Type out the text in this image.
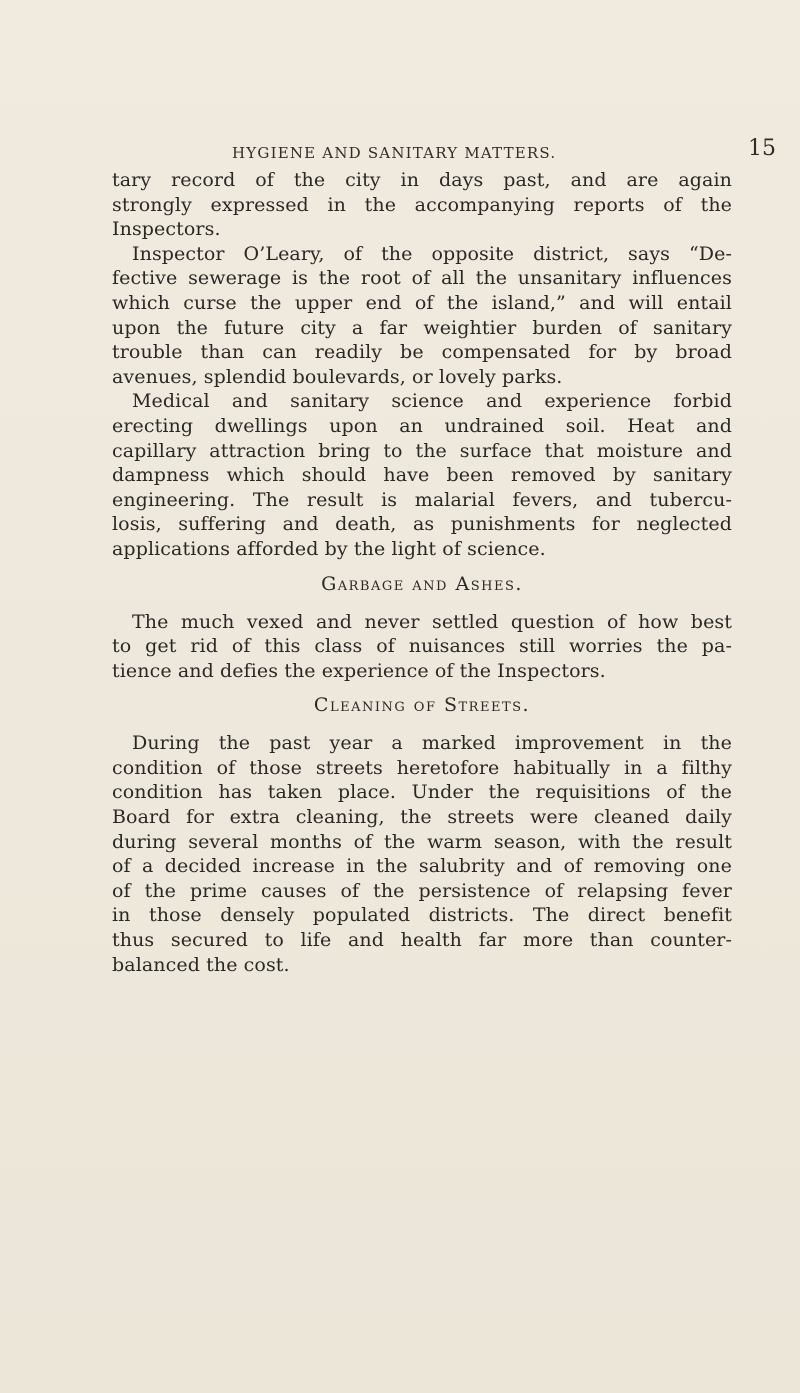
HYGIENE AND SANITARY MATTERS.	15
tary record of the city in days past, and are again
strongly expressed in the accompanying reports of the
Inspectors.
Inspector O’Leary, of the opposite district, says “De-
fective sewerage is the root of all the unsanitary influences
which curse the upper end of the island,” and will entail
upon the future city a far weightier burden of sanitary
trouble than can readily be compensated for by broad
avenues, splendid boulevards, or lovely parks.
Medical and sanitary science and experience forbid
erecting dwellings upon an undrained soil. Heat and
capillary attraction bring to the surface that moisture and
dampness which should have been removed by sanitary
engineering. The result is malarial fevers, and tubercu-
losis, suffering and death, as punishments for neglected
applications afforded by the light of science.
Garbage and Ashes.
The much vexed and never settled question of how best
to get rid of this class of nuisances still worries the pa-
tience and defies the experience of the Inspectors.
Cleaning of Streets.
During the past year a marked improvement in the
condition of those streets heretofore habitually in a filthy
condition has taken place. Under the requisitions of the
Board for extra cleaning, the streets were cleaned daily
during several months of the warm season, with the result
of a decided increase in the salubrity and of removing one
of the prime causes of the persistence of relapsing fever
in those densely populated districts. The direct benefit
thus secured to life and health far more than counter-
balanced the cost.
